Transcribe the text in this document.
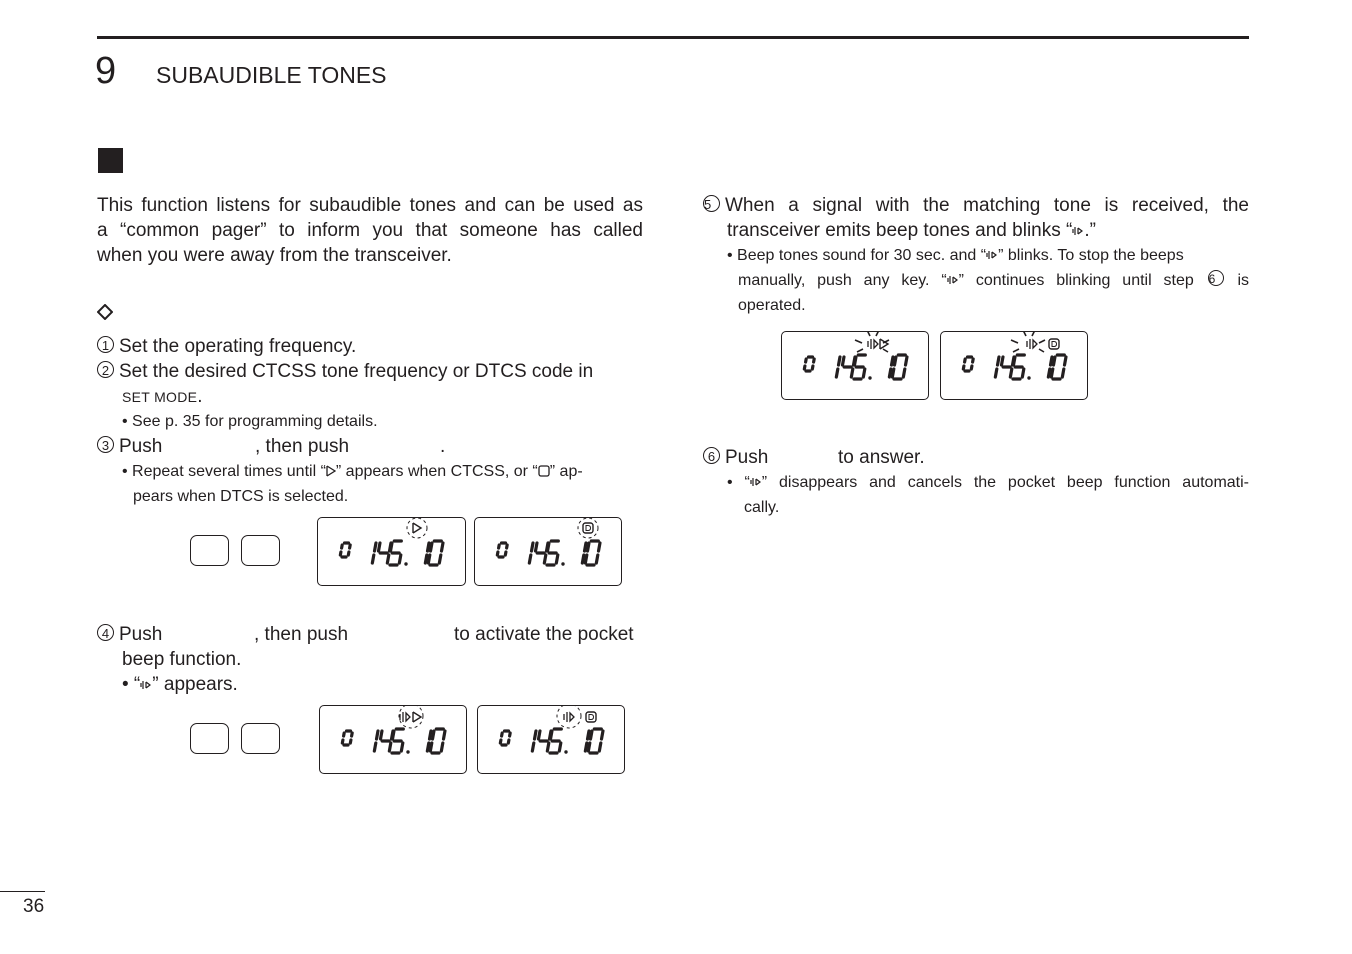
9 SUBAUDIBLE TONES
This function listens for subaudible tones and can be used as
a “common pager” to inform you that someone has called
when you were away from the transceiver.
1 Set the operating frequency.
2 Set the desired CTCSS tone frequency or DTCS code in
SET MODE.
• See p. 35 for programming details.
3 Push	, then push	.
• Repeat several times until “ ” appears when CTCSS, or “ ” ap-
pears when DTCS is selected.
4 Push	, then push	to activate the pocket
beep function.
• “ ” appears.
5 When a signal with the matching tone is received, the
transceiver emits beep tones and blinks “ .”
• Beep tones sound for 30 sec. and “ ” blinks. To stop the beeps
manually, push any key. “ ” continues blinking until step 6 is
operated.
6 Push	to answer.
• “ ” disappears and cancels the pocket beep function automati-
cally.
36
